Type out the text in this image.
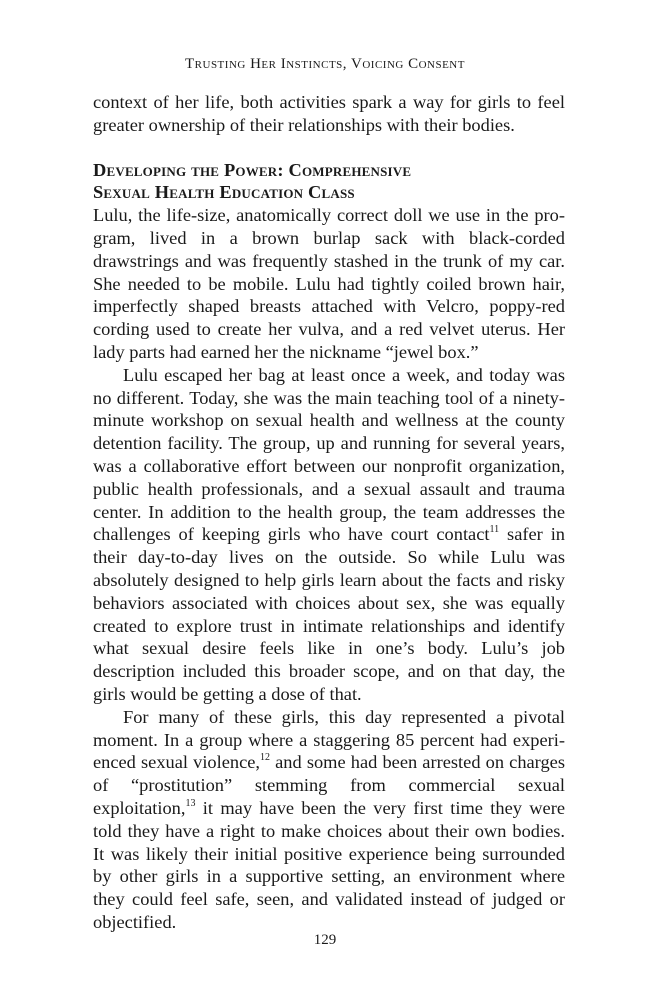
Trusting Her Instincts, Voicing Consent

context of her life, both activities spark a way for girls to feel greater ownership of their relationships with their bodies.

Developing the Power: Comprehensive
Sexual Health Education Class

Lulu, the life-size, anatomically correct doll we use in the program, lived in a brown burlap sack with black-corded drawstrings and was frequently stashed in the trunk of my car. She needed to be mobile. Lulu had tightly coiled brown hair, imperfectly shaped breasts attached with Velcro, poppy-red cording used to create her vulva, and a red velvet uterus. Her lady parts had earned her the nickname “jewel box.”

Lulu escaped her bag at least once a week, and today was no different. Today, she was the main teaching tool of a ninety-minute workshop on sexual health and wellness at the county detention facility. The group, up and running for several years, was a collaborative effort between our nonprofit organization, public health professionals, and a sexual assault and trauma center. In addition to the health group, the team addresses the challenges of keeping girls who have court contact$^{11}$ safer in their day-to-day lives on the outside. So while Lulu was absolutely designed to help girls learn about the facts and risky behaviors associated with choices about sex, she was equally created to explore trust in intimate relationships and identify what sexual desire feels like in one’s body. Lulu’s job description included this broader scope, and on that day, the girls would be getting a dose of that.

For many of these girls, this day represented a pivotal moment. In a group where a staggering 85 percent had experienced sexual violence,$^{12}$ and some had been arrested on charges of “prostitution” stemming from commercial sexual exploitation,$^{13}$ it may have been the very first time they were told they have a right to make choices about their own bodies. It was likely their initial positive experience being surrounded by other girls in a supportive setting, an environment where they could feel safe, seen, and validated instead of judged or objectified.

129
